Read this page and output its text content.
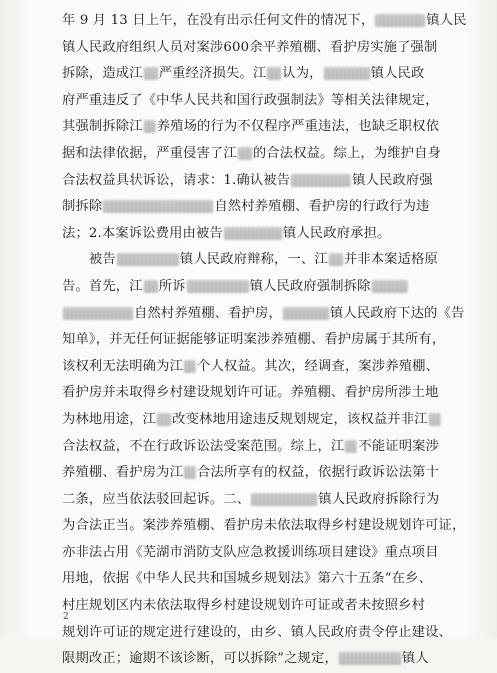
年 9 月 13 日上午，在没有出示任何文件的情况下，	镇人民
镇人民政府组织人员对案涉600余平养殖棚、看护房实施了强制
拆除，造成江 严重经济损失。江 认为，	镇人民政
府严重违反了《中华人民共和国行政强制法》等相关法律规定，
其强制拆除江 养殖场的行为不仅程序严重违法，也缺乏职权依
据和法律依据，严重侵害了江 的合法权益。综上，为维护自身
合法权益具状诉讼，请求：1.确认被告	镇人民政府强
制拆除	自然村养殖棚、看护房的行政行为违
法；2.本案诉讼费用由被告	镇人民政府承担。
被告	镇人民政府辩称，一、江 并非本案适格原
告。首先，江 所诉	镇人民政府强制拆除
自然村养殖棚、看护房，	镇人民政府下达的《告
知单》，并无任何证据能够证明案涉养殖棚、看护房属于其所有，
该权利无法明确为江 个人权益。其次，经调查，案涉养殖棚、
看护房并未取得乡村建设规划许可证。养殖棚、看护房所涉土地
为林地用途，江 改变林地用途违反规划规定，该权益并非江
合法权益，不在行政诉讼法受案范围。综上，江 不能证明案涉
养殖棚、看护房为江 合法所享有的权益，依据行政诉讼法第十
二条，应当依法驳回起诉。二、	镇人民政府拆除行为
为合法正当。案涉养殖棚、看护房未依法取得乡村建设规划许可证，
亦非法占用《芜湖市消防支队应急救援训练项目建设》重点项目
用地，依据《中华人民共和国城乡规划法》第六十五条“在乡、
村庄规划区内未依法取得乡村建设规划许可证或者未按照乡村
规划许可证的规定进行建设的，由乡、镇人民政府责令停止建设、
限期改正；逾期不该诊断，可以拆除”之规定，	镇人
2
